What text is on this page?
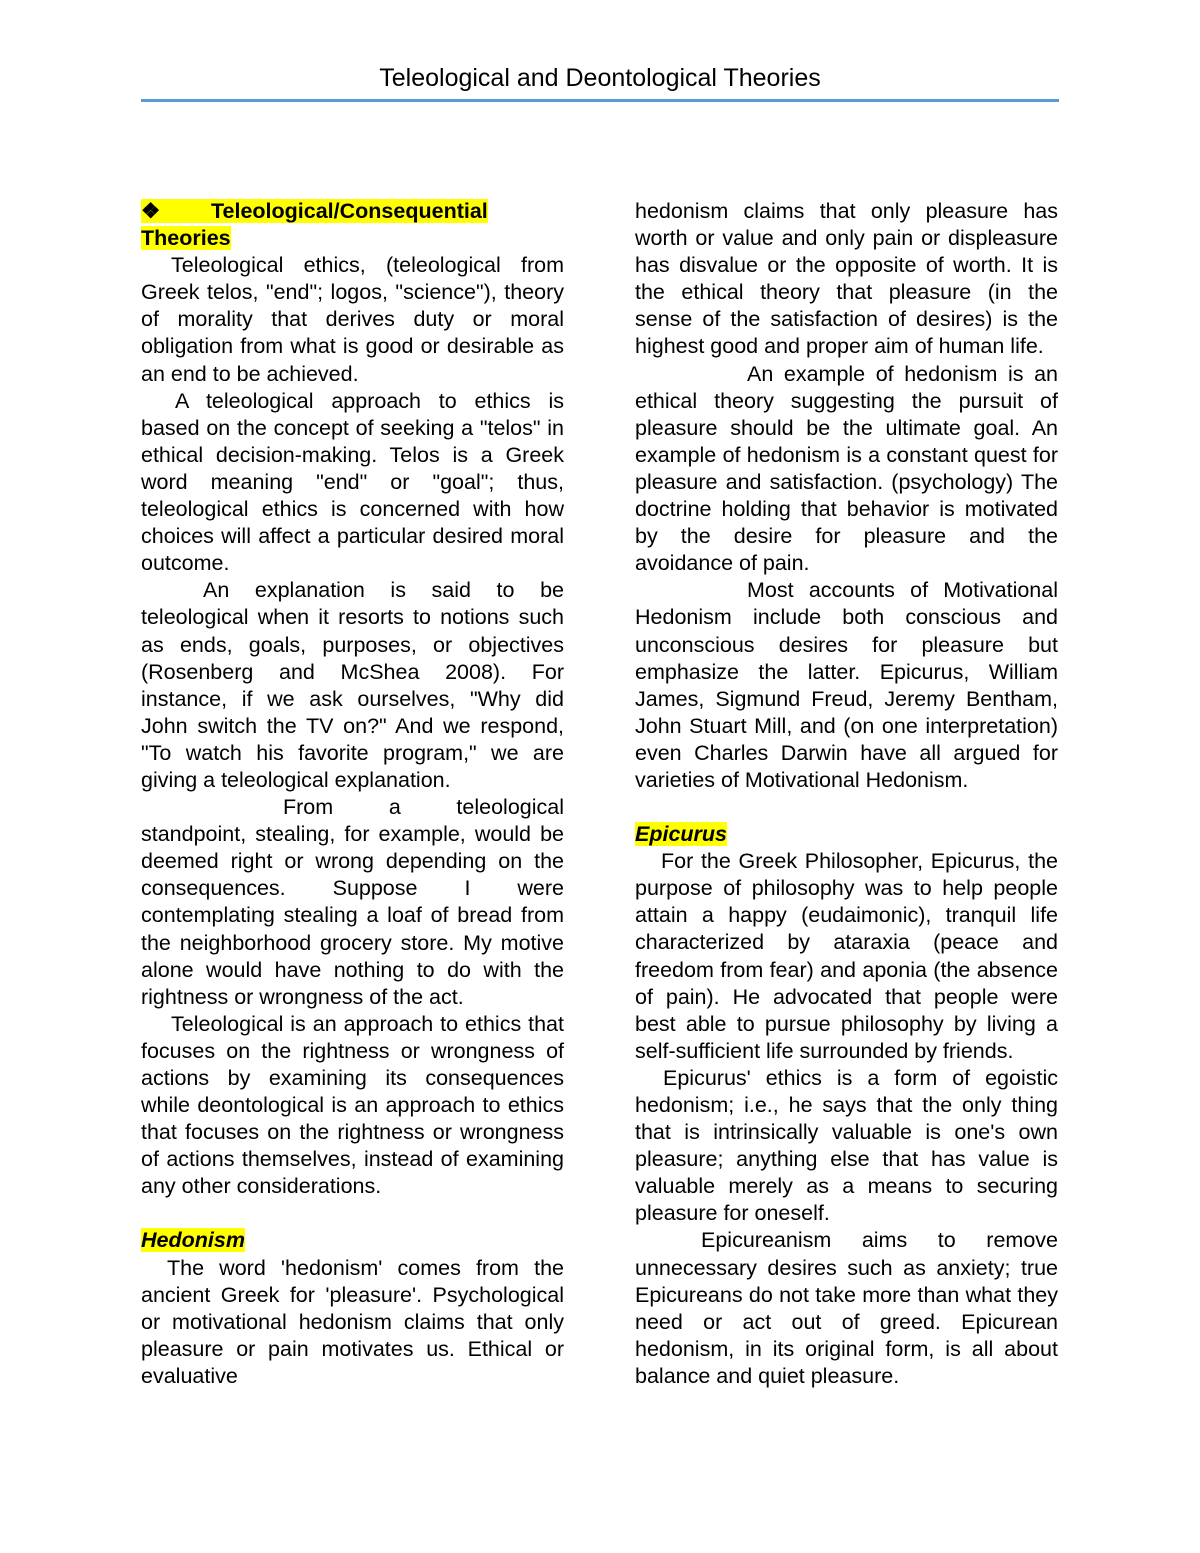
Teleological and Deontological Theories

❖ Teleological/Consequential Theories

Teleological ethics, (teleological from Greek telos, "end"; logos, "science"), theory of morality that derives duty or moral obligation from what is good or desirable as an end to be achieved.

A teleological approach to ethics is based on the concept of seeking a "telos" in ethical decision-making. Telos is a Greek word meaning "end" or "goal"; thus, teleological ethics is concerned with how choices will affect a particular desired moral outcome.

An explanation is said to be teleological when it resorts to notions such as ends, goals, purposes, or objectives (Rosenberg and McShea 2008). For instance, if we ask ourselves, "Why did John switch the TV on?" And we respond, "To watch his favorite program," we are giving a teleological explanation.

From a teleological standpoint, stealing, for example, would be deemed right or wrong depending on the consequences. Suppose I were contemplating stealing a loaf of bread from the neighborhood grocery store. My motive alone would have nothing to do with the rightness or wrongness of the act.

Teleological is an approach to ethics that focuses on the rightness or wrongness of actions by examining its consequences while deontological is an approach to ethics that focuses on the rightness or wrongness of actions themselves, instead of examining any other considerations.

Hedonism

The word 'hedonism' comes from the ancient Greek for 'pleasure'. Psychological or motivational hedonism claims that only pleasure or pain motivates us. Ethical or evaluative

hedonism claims that only pleasure has worth or value and only pain or displeasure has disvalue or the opposite of worth. It is the ethical theory that pleasure (in the sense of the satisfaction of desires) is the highest good and proper aim of human life.

An example of hedonism is an ethical theory suggesting the pursuit of pleasure should be the ultimate goal. An example of hedonism is a constant quest for pleasure and satisfaction. (psychology) The doctrine holding that behavior is motivated by the desire for pleasure and the avoidance of pain.

Most accounts of Motivational Hedonism include both conscious and unconscious desires for pleasure but emphasize the latter. Epicurus, William James, Sigmund Freud, Jeremy Bentham, John Stuart Mill, and (on one interpretation) even Charles Darwin have all argued for varieties of Motivational Hedonism.

Epicurus

For the Greek Philosopher, Epicurus, the purpose of philosophy was to help people attain a happy (eudaimonic), tranquil life characterized by ataraxia (peace and freedom from fear) and aponia (the absence of pain). He advocated that people were best able to pursue philosophy by living a self-sufficient life surrounded by friends.

Epicurus' ethics is a form of egoistic hedonism; i.e., he says that the only thing that is intrinsically valuable is one's own pleasure; anything else that has value is valuable merely as a means to securing pleasure for oneself.

Epicureanism aims to remove unnecessary desires such as anxiety; true Epicureans do not take more than what they need or act out of greed. Epicurean hedonism, in its original form, is all about balance and quiet pleasure.
